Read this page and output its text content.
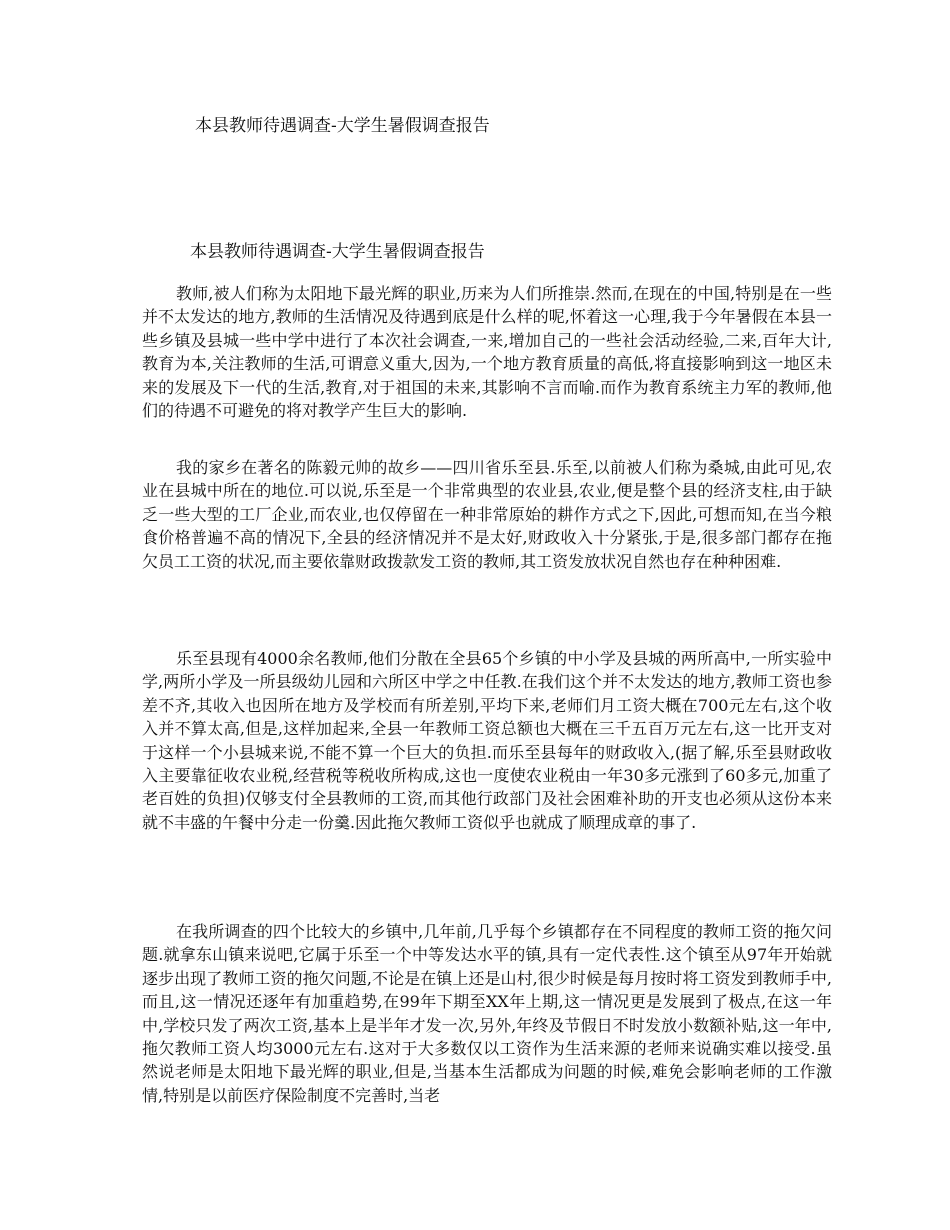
本县教师待遇调查-大学生暑假调查报告
本县教师待遇调查-大学生暑假调查报告

教师,被人们称为太阳地下最光辉的职业,历来为人们所推崇.然而,在现在的中国,特别是在一些并不太发达的地方,教师的生活情况及待遇到底是什么样的呢,怀着这一心理,我于今年暑假在本县一些乡镇及县城一些中学中进行了本次社会调查,一来,增加自己的一些社会活动经验,二来,百年大计,教育为本,关注教师的生活,可谓意义重大,因为,一个地方教育质量的高低,将直接影响到这一地区未来的发展及下一代的生活,教育,对于祖国的未来,其影响不言而喻.而作为教育系统主力军的教师,他们的待遇不可避免的将对教学产生巨大的影响.

我的家乡在著名的陈毅元帅的故乡——四川省乐至县.乐至,以前被人们称为桑城,由此可见,农业在县城中所在的地位.可以说,乐至是一个非常典型的农业县,农业,便是整个县的经济支柱,由于缺乏一些大型的工厂企业,而农业,也仅停留在一种非常原始的耕作方式之下,因此,可想而知,在当今粮食价格普遍不高的情况下,全县的经济情况并不是太好,财政收入十分紧张,于是,很多部门都存在拖欠员工工资的状况,而主要依靠财政拨款发工资的教师,其工资发放状况自然也存在种种困难.

乐至县现有4000余名教师,他们分散在全县65个乡镇的中小学及县城的两所高中,一所实验中学,两所小学及一所县级幼儿园和六所区中学之中任教.在我们这个并不太发达的地方,教师工资也参差不齐,其收入也因所在地方及学校而有所差别,平均下来,老师们月工资大概在700元左右,这个收入并不算太高,但是,这样加起来,全县一年教师工资总额也大概在三千五百万元左右,这一比开支对于这样一个小县城来说,不能不算一个巨大的负担.而乐至县每年的财政收入,(据了解,乐至县财政收入主要靠征收农业税,经营税等税收所构成,这也一度使农业税由一年30多元涨到了60多元,加重了老百姓的负担)仅够支付全县教师的工资,而其他行政部门及社会困难补助的开支也必须从这份本来就不丰盛的午餐中分走一份羹.因此拖欠教师工资似乎也就成了顺理成章的事了.

在我所调查的四个比较大的乡镇中,几年前,几乎每个乡镇都存在不同程度的教师工资的拖欠问题.就拿东山镇来说吧,它属于乐至一个中等发达水平的镇,具有一定代表性.这个镇至从97年开始就逐步出现了教师工资的拖欠问题,不论是在镇上还是山村,很少时候是每月按时将工资发到教师手中,而且,这一情况还逐年有加重趋势,在99年下期至XX年上期,这一情况更是发展到了极点,在这一年中,学校只发了两次工资,基本上是半年才发一次,另外,年终及节假日不时发放小数额补贴,这一年中,拖欠教师工资人均3000元左右.这对于大多数仅以工资作为生活来源的老师来说确实难以接受.虽然说老师是太阳地下最光辉的职业,但是,当基本生活都成为问题的时候,难免会影响老师的工作激情,特别是以前医疗保险制度不完善时,当老
